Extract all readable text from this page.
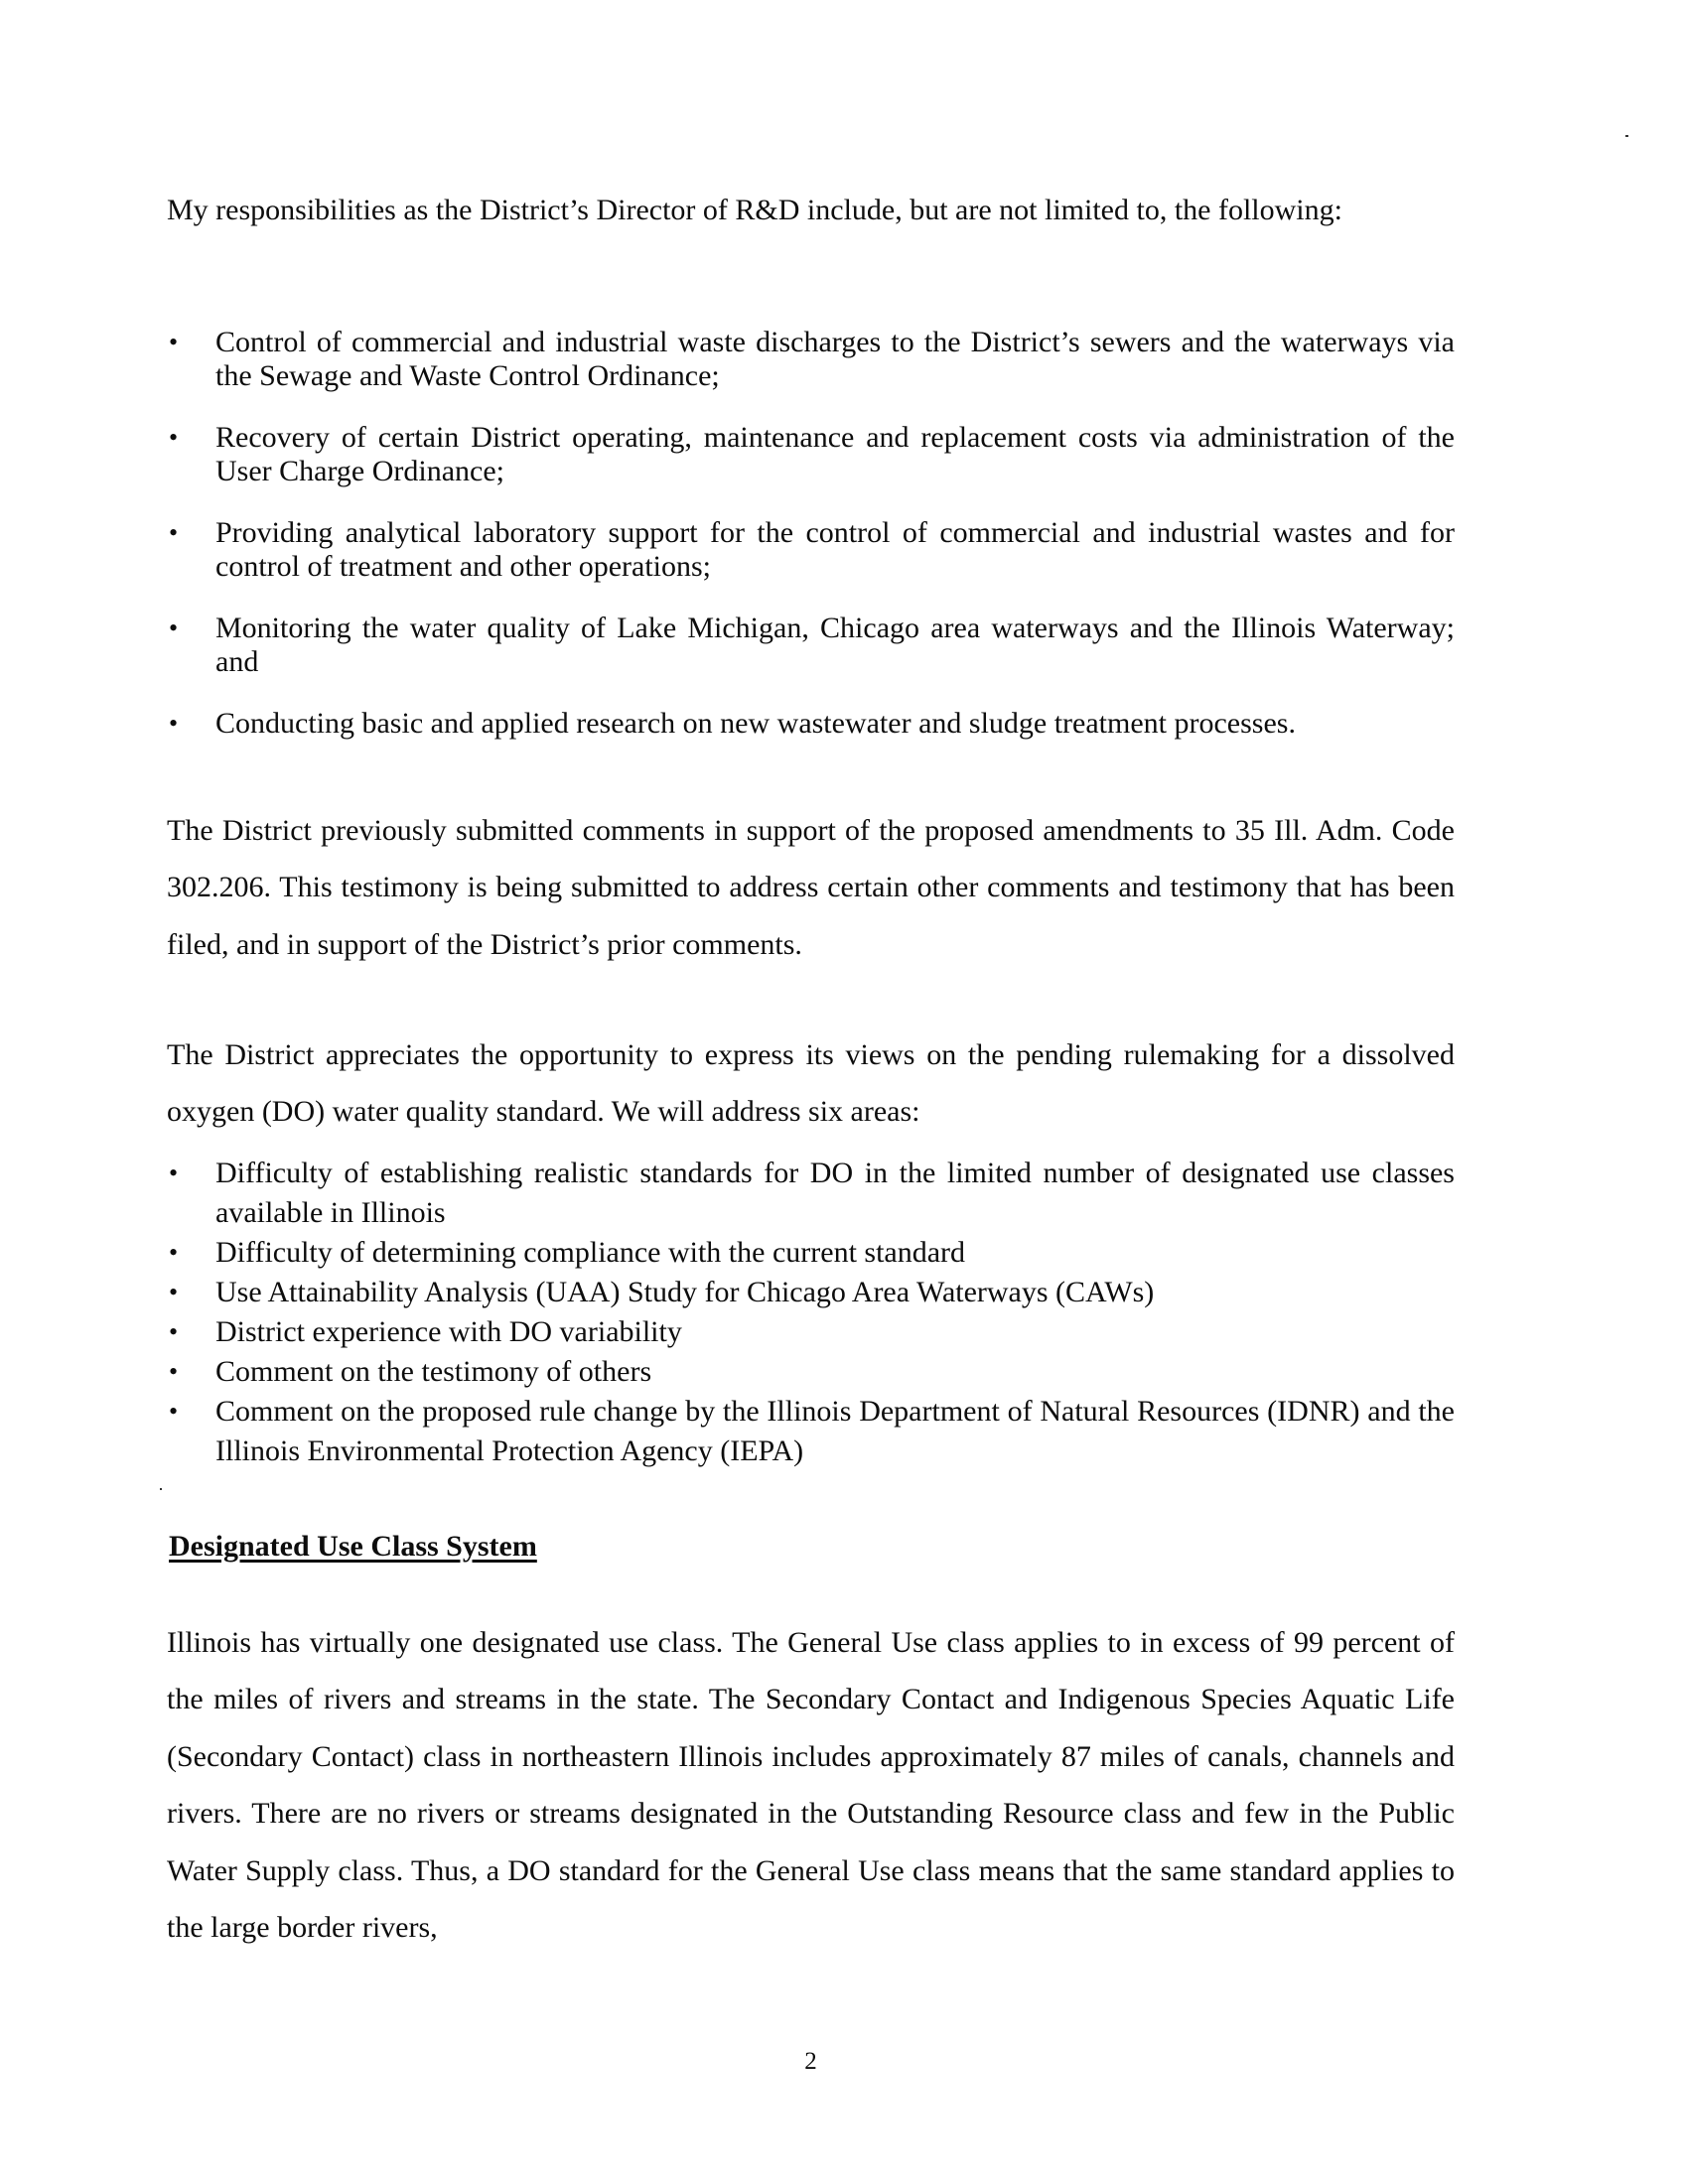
My responsibilities as the District’s Director of R&D include, but are not limited to, the following:

• Control of commercial and industrial waste discharges to the District’s sewers and the waterways via the Sewage and Waste Control Ordinance;
• Recovery of certain District operating, maintenance and replacement costs via administration of the User Charge Ordinance;
• Providing analytical laboratory support for the control of commercial and industrial wastes and for control of treatment and other operations;
• Monitoring the water quality of Lake Michigan, Chicago area waterways and the Illinois Waterway; and
• Conducting basic and applied research on new wastewater and sludge treatment processes.

The District previously submitted comments in support of the proposed amendments to 35 Ill. Adm. Code 302.206. This testimony is being submitted to address certain other comments and testimony that has been filed, and in support of the District’s prior comments.

The District appreciates the opportunity to express its views on the pending rulemaking for a dissolved oxygen (DO) water quality standard. We will address six areas:

• Difficulty of establishing realistic standards for DO in the limited number of designated use classes available in Illinois
• Difficulty of determining compliance with the current standard
• Use Attainability Analysis (UAA) Study for Chicago Area Waterways (CAWs)
• District experience with DO variability
• Comment on the testimony of others
• Comment on the proposed rule change by the Illinois Department of Natural Resources (IDNR) and the Illinois Environmental Protection Agency (IEPA)
Designated Use Class System

Illinois has virtually one designated use class. The General Use class applies to in excess of 99 percent of the miles of rivers and streams in the state. The Secondary Contact and Indigenous Species Aquatic Life (Secondary Contact) class in northeastern Illinois includes approximately 87 miles of canals, channels and rivers. There are no rivers or streams designated in the Outstanding Resource class and few in the Public Water Supply class. Thus, a DO standard for the General Use class means that the same standard applies to the large border rivers,

2
